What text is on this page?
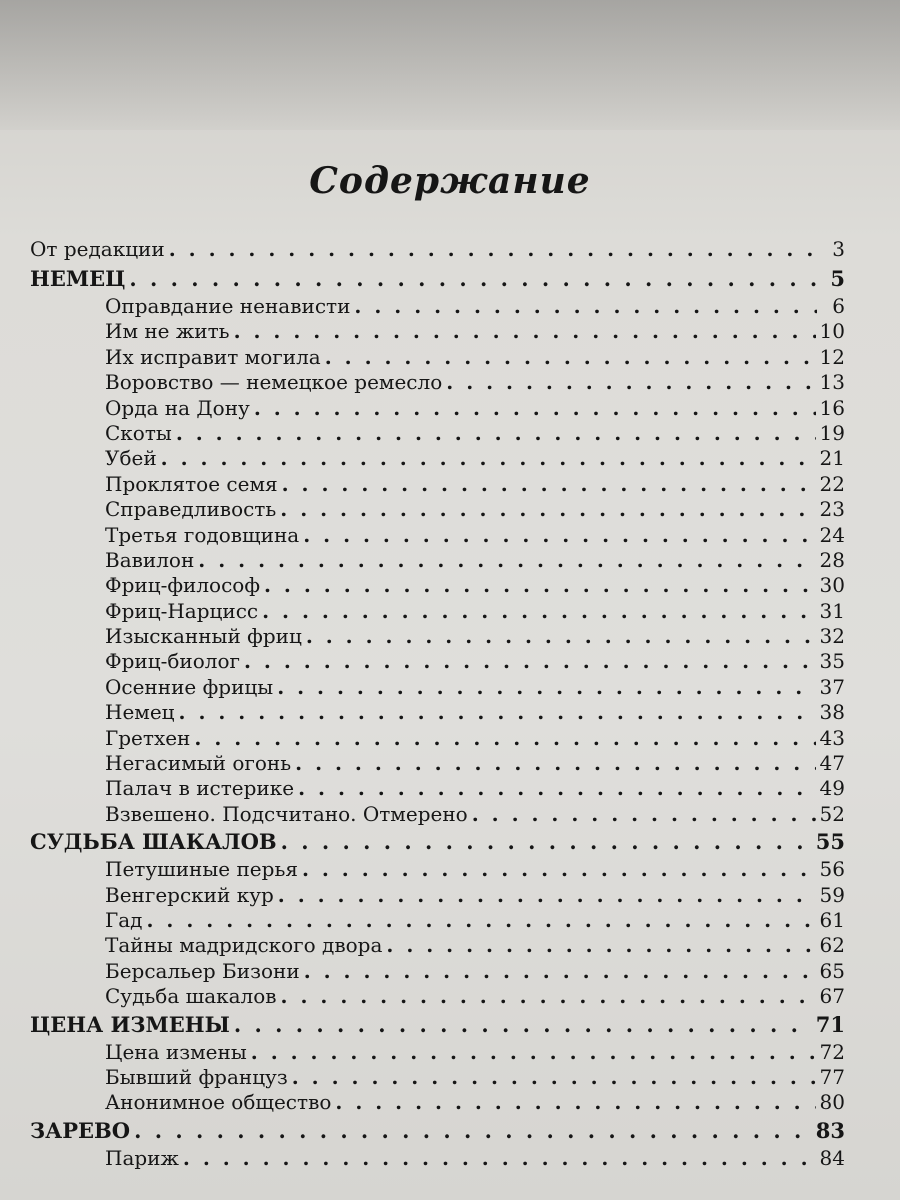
Содержание
От редакции . . .	3
НЕМЕЦ . . .	5
Оправдание ненависти . . .	6
Им не жить . . .	10
Их исправит могила . . .	12
Воровство — немецкое ремесло . . .	13
Орда на Дону . . .	16
Скоты . . .	19
Убей . . .	21
Проклятое семя . . .	22
Справедливость . . .	23
Третья годовщина . . .	24
Вавилон . . .	28
Фриц-философ . . .	30
Фриц-Нарцисс . . .	31
Изысканный фриц . . .	32
Фриц-биолог . . .	35
Осенние фрицы . . .	37
Немец . . .	38
Гретхен . . .	43
Негасимый огонь . . .	47
Палач в истерике . . .	49
Взвешено. Подсчитано. Отмерено . . .	52
СУДЬБА ШАКАЛОВ . . .	55
Петушиные перья . . .	56
Венгерский кур . . .	59
Гад . . .	61
Тайны мадридского двора . . .	62
Берсальер Бизони . . .	65
Судьба шакалов . . .	67
ЦЕНА ИЗМЕНЫ . . .	71
Цена измены . . .	72
Бывший француз . . .	77
Анонимное общество . . .	80
ЗАРЕВО . . .	83
Париж . . .	84
